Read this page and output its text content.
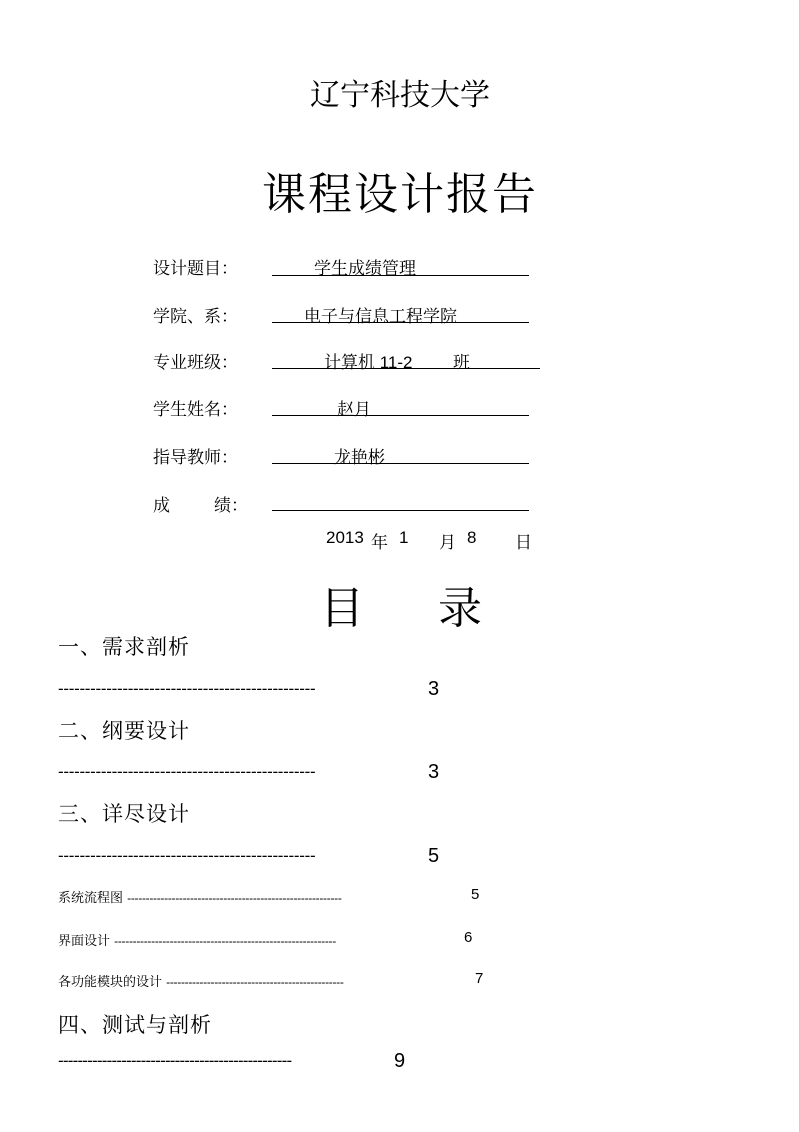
辽宁科技大学
课程设计报告
设计题目：	学生成绩管理
学院、系：	电子与信息工程学院
专业班级：	计算机 11-2 班
学生姓名：	赵月
指导教师：	龙艳彬
成	绩：
2013 年 1 月 8 日
目 录
一、需求剖析
------------------------------------------------	3
二、纲要设计
------------------------------------------------	3
三、详尽设计
------------------------------------------------	5
系统流程图 ----------------------------------------------------------	5
界面设计 ------------------------------------------------------------	6
各功能模块的设计 ------------------------------------------------	7
四、测试与剖析
------------------------------------------------	9
